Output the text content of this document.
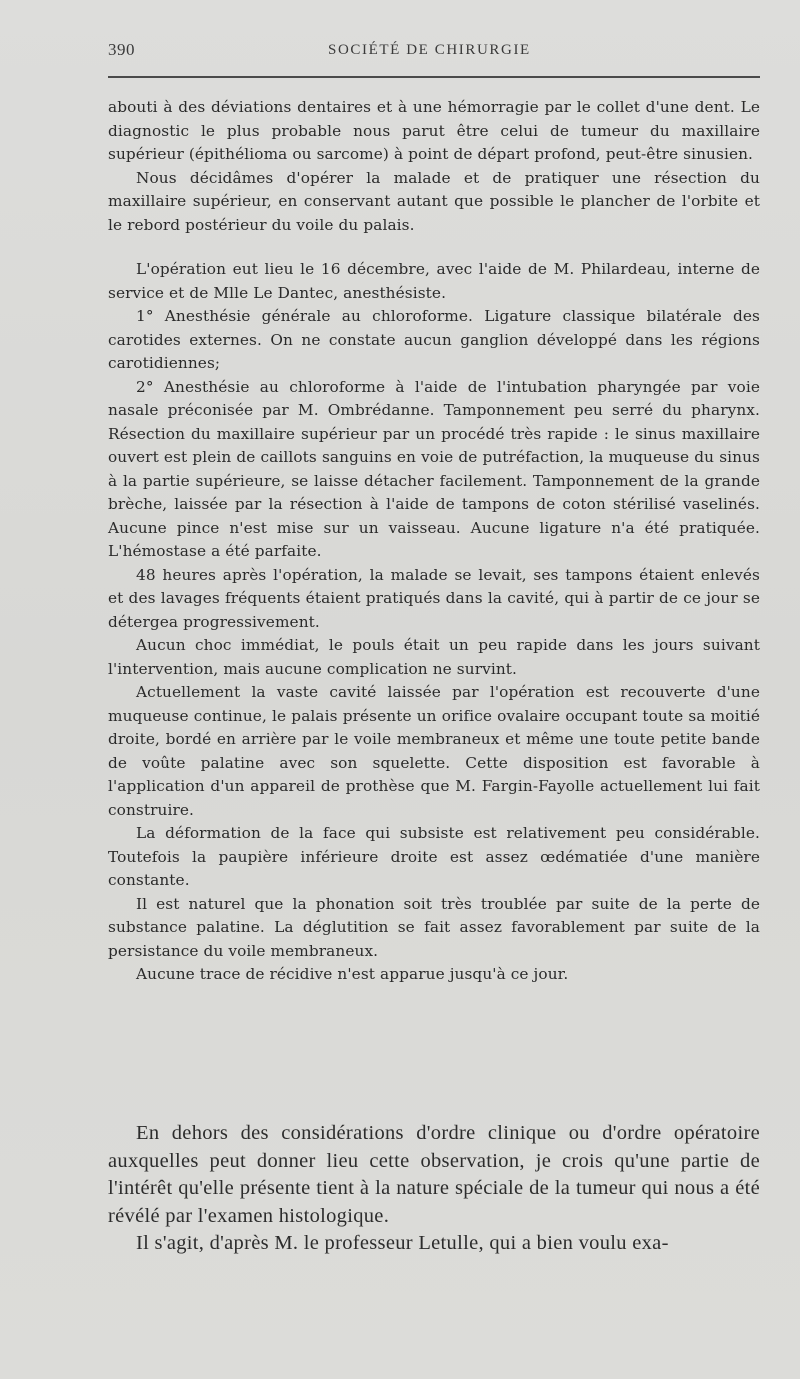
390	SOCIÉTÉ DE CHIRURGIE

abouti à des déviations dentaires et à une hémorragie par le collet d'une dent. Le diagnostic le plus probable nous parut être celui de tumeur du maxillaire supérieur (épithélioma ou sarcome) à point de départ profond, peut-être sinusien.

Nous décidâmes d'opérer la malade et de pratiquer une résection du maxillaire supérieur, en conservant autant que possible le plancher de l'orbite et le rebord postérieur du voile du palais.

L'opération eut lieu le 16 décembre, avec l'aide de M. Philardeau, interne de service et de Mlle Le Dantec, anesthésiste.

1° Anesthésie générale au chloroforme. Ligature classique bilatérale des carotides externes. On ne constate aucun ganglion développé dans les régions carotidiennes;

2° Anesthésie au chloroforme à l'aide de l'intubation pharyngée par voie nasale préconisée par M. Ombrédanne. Tamponnement peu serré du pharynx. Résection du maxillaire supérieur par un procédé très rapide : le sinus maxillaire ouvert est plein de caillots sanguins en voie de putréfaction, la muqueuse du sinus à la partie supérieure, se laisse détacher facilement. Tamponnement de la grande brèche, laissée par la résection à l'aide de tampons de coton stérilisé vaselinés. Aucune pince n'est mise sur un vaisseau. Aucune ligature n'a été pratiquée. L'hémostase a été parfaite.

48 heures après l'opération, la malade se levait, ses tampons étaient enlevés et des lavages fréquents étaient pratiqués dans la cavité, qui à partir de ce jour se détergea progressivement.

Aucun choc immédiat, le pouls était un peu rapide dans les jours suivant l'intervention, mais aucune complication ne survint.

Actuellement la vaste cavité laissée par l'opération est recouverte d'une muqueuse continue, le palais présente un orifice ovalaire occupant toute sa moitié droite, bordé en arrière par le voile membraneux et même une toute petite bande de voûte palatine avec son squelette. Cette disposition est favorable à l'application d'un appareil de prothèse que M. Fargin-Fayolle actuellement lui fait construire.

La déformation de la face qui subsiste est relativement peu considérable. Toutefois la paupière inférieure droite est assez œdématiée d'une manière constante.

Il est naturel que la phonation soit très troublée par suite de la perte de substance palatine. La déglutition se fait assez favorablement par suite de la persistance du voile membraneux.

Aucune trace de récidive n'est apparue jusqu'à ce jour.

En dehors des considérations d'ordre clinique ou d'ordre opératoire auxquelles peut donner lieu cette observation, je crois qu'une partie de l'intérêt qu'elle présente tient à la nature spéciale de la tumeur qui nous a été révélé par l'examen histologique.

Il s'agit, d'après M. le professeur Letulle, qui a bien voulu exa-
